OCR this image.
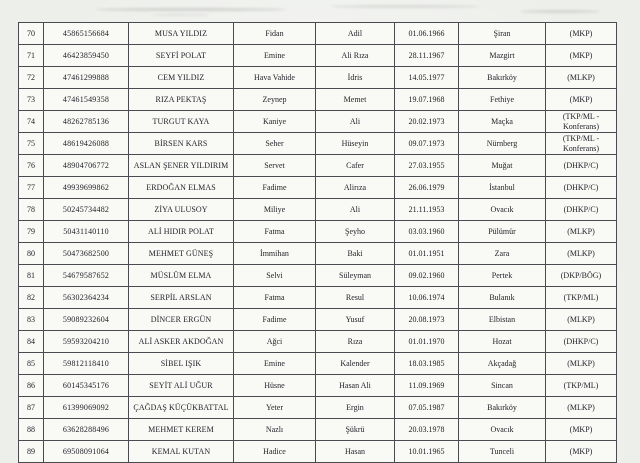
70	45865156684	MUSA YILDIZ	Fidan	Adil	01.06.1966	Şiran	(MKP)
71	46423859450	SEYFİ POLAT	Emine	Ali Rıza	28.11.1967	Mazgirt	(MKP)
72	47461299888	CEM YILDIZ	Hava Vahide	İdris	14.05.1977	Bakırköy	(MLKP)
73	47461549358	RIZA PEKTAŞ	Zeynep	Memet	19.07.1968	Fethiye	(MKP)
74	48262785136	TURGUT KAYA	Kaniye	Ali	20.02.1973	Maçka	(TKP/ML - Konferans)
75	48619426088	BİRSEN KARS	Seher	Hüseyin	09.07.1973	Nürnberg	(TKP/ML - Konferans)
76	48904706772	ASLAN ŞENER YILDIRIM	Servet	Cafer	27.03.1955	Muğat	(DHKP/C)
77	49939699862	ERDOĞAN ELMAS	Fadime	Alirıza	26.06.1979	İstanbul	(DHKP/C)
78	50245734482	ZİYA ULUSOY	Miliye	Ali	21.11.1953	Ovacık	(DHKP/C)
79	50431140110	ALİ HIDIR POLAT	Fatma	Şeyho	03.03.1960	Pülümür	(MLKP)
80	50473682500	MEHMET GÜNEŞ	İmmihan	Baki	01.01.1951	Zara	(MLKP)
81	54679587652	MÜSLÜM ELMA	Selvi	Süleyman	09.02.1960	Pertek	(DKP/BÖG)
82	56302364234	SERPİL ARSLAN	Fatma	Resul	10.06.1974	Bulanık	(TKP/ML)
83	59089232604	DİNCER ERGÜN	Fadime	Yusuf	20.08.1973	Elbistan	(MLKP)
84	59593204210	ALİ ASKER AKDOĞAN	Ağci	Rıza	01.01.1970	Hozat	(DHKP/C)
85	59812118410	SİBEL IŞIK	Emine	Kalender	18.03.1985	Akçadağ	(MLKP)
86	60145345176	SEYİT ALİ UĞUR	Hüsne	Hasan Ali	11.09.1969	Sincan	(TKP/ML)
87	61399069092	ÇAĞDAŞ KÜÇÜKBATTAL	Yeter	Ergin	07.05.1987	Bakırköy	(MLKP)
88	63628288496	MEHMET KEREM	Nazlı	Şükrü	20.03.1978	Ovacık	(MKP)
89	69508091064	KEMAL KUTAN	Hadice	Hasan	10.01.1965	Tunceli	(MKP)
